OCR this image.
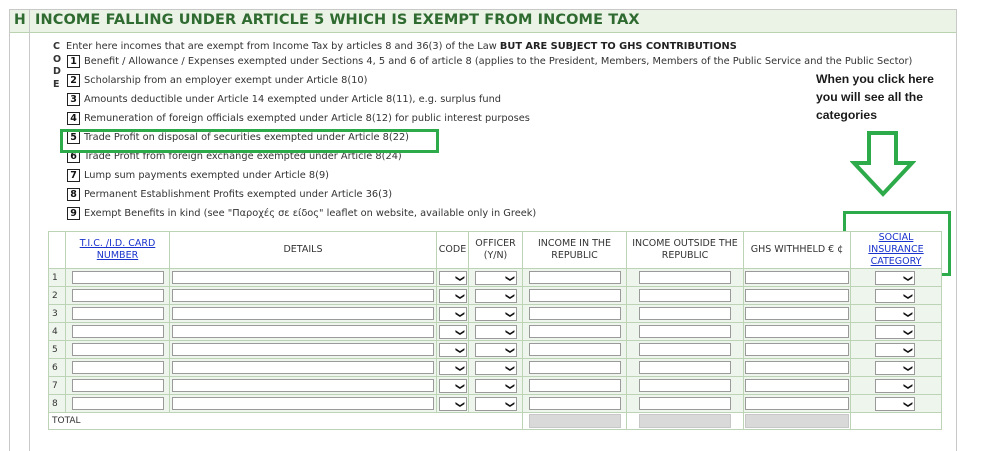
H INCOME FALLING UNDER ARTICLE 5 WHICH IS EXEMPT FROM INCOME TAX
C
O
D
E
Enter here incomes that are exempt from Income Tax by articles 8 and 36(3) of the Law BUT ARE SUBJECT TO GHS CONTRIBUTIONS
1 Benefit / Allowance / Expenses exempted under Sections 4, 5 and 6 of article 8 (applies to the President, Members, Members of the Public Service and the Public Sector)
2 Scholarship from an employer exempt under Article 8(10)
3 Amounts deductible under Article 14 exempted under Article 8(11), e.g. surplus fund
4 Remuneration of foreign officials exempted under Article 8(12) for public interest purposes
5 Trade Profit on disposal of securities exempted under Article 8(22)
6 Trade Profit from foreign exchange exempted under Article 8(24)
7 Lump sum payments exempted under Article 8(9)
8 Permanent Establishment Profits exempted under Article 36(3)
9 Exempt Benefits in kind (see "Παροχές σε είδος" leaflet on website, available only in Greek)
When you click here you will see all the categories
	T.I.C. /I.D. CARD NUMBER	DETAILS	CODE	OFFICER (Y/N)	INCOME IN THE REPUBLIC	INCOME OUTSIDE THE REPUBLIC	GHS WITHHELD € ¢	SOCIAL INSURANCE CATEGORY
1			❯	❯				❯

2			❯	❯				❯

3			❯	❯				❯

4			❯	❯				❯

5			❯	❯				❯

6			❯	❯				❯

7			❯	❯				❯

8			❯	❯				❯

TOTAL					
